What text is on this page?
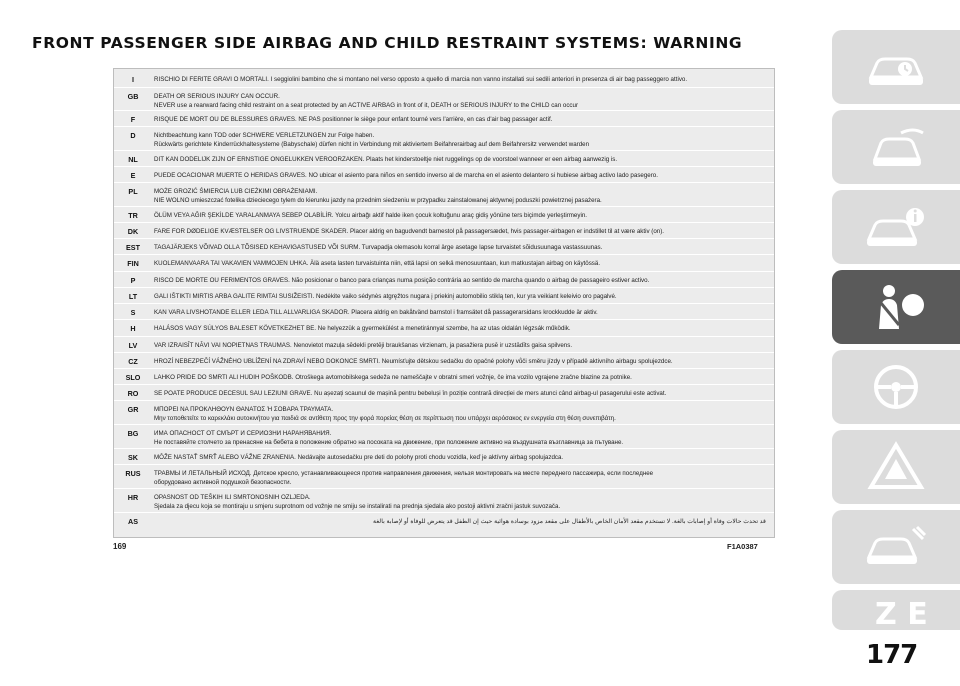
FRONT PASSENGER SIDE AIRBAG AND CHILD RESTRAINT SYSTEMS: WARNING
I	RISCHIO DI FERITE GRAVI O MORTALI. I seggiolini bambino che si montano nel verso opposto a quello di marcia non vanno installati sui sedili anteriori in presenza di air bag passeggero attivo.
GB	DEATH OR SERIOUS INJURY CAN OCCUR.
NEVER use a rearward facing child restraint on a seat protected by an ACTIVE AIRBAG in front of it, DEATH or SERIOUS INJURY to the CHILD can occur
F	RISQUE DE MORT OU DE BLESSURES GRAVES. NE PAS positionner le siège pour enfant tourné vers l'arrière, en cas d'air bag passager actif.
D	Nichtbeachtung kann TOD oder SCHWERE VERLETZUNGEN zur Folge haben.
Rückwärts gerichtete Kinderrückhaltesysteme (Babyschale) dürfen nicht in Verbindung mit aktiviertem Beifahrerairbag auf dem Beifahrersitz verwendet warden
NL	DIT KAN DODELIJK ZIJN OF ERNSTIGE ONGELUKKEN VEROORZAKEN. Plaats het kinderstoeltje niet ruggelings op de voorstoel wanneer er een airbag aanwezig is.
E	PUEDE OCACIONAR MUERTE O HERIDAS GRAVES. NO ubicar el asiento para niños en sentido inverso al de marcha en el asiento delantero si hubiese airbag activo lado pasegero.
PL	MOŻE GROZIĆ ŚMIERCIA LUB CIEŻKIMI OBRAŻENIAMI.
NIE WOLNO umieszczać fotelika dzieciecego tylem do kierunku jazdy na przednim siedzeniu w przypadku zainstalowanej aktywnej poduszki powietrznej pasażera.
TR	ÖLÜM VEYA AĞIR ŞEKİLDE YARALANMAYA SEBEP OLABİLİR. Yolcu airbağı aktif halde iken çocuk koltuğunu araç gidiş yönüne ters biçimde yerleştirmeyin.
DK	FARE FOR DØDELIGE KVÆSTELSER OG LIVSTRUENDE SKADER. Placer aldrig en bagudvendt barnestol på passagersædet, hvis passager-airbagen er indstillet til at være aktiv (on).
EST	TAGAJÄRJEKS VÕIVAD OLLA TÕSISED KEHAVIGASTUSED VÕI SURM. Turvapadja olemasolu korral ärge asetage lapse turvaistet sõidusuunaga vastassuunas.
FIN	KUOLEMANVAARA TAI VAKAVIEN VAMMOJEN UHKA. Älä aseta lasten turvaistuinta niin, että lapsi on selkä menosuuntaan, kun matkustajan airbag on käytössä.
P	RISCO DE MORTE OU FERIMENTOS GRAVES. Não posicionar o banco para crianças numa posição contrária ao sentido de marcha quando o airbag de passageiro estiver activo.
LT	GALI IŠTIKTI MIRTIS ARBA GALITE RIMTAI SUSIŽEISTI. Nedėkite vaiko sėdynės atgręžtos nugara į priekinį automobilio stiklą ten, kur yra veikiant keleivio oro pagalvė.
S	KAN VARA LIVSHOTANDE ELLER LEDA TILL ALLVARLIGA SKADOR. Placera aldrig en bakåtvänd barnstol i framsätet då passagerarsidans krockkudde är aktiv.
H	HALÁSOS VAGY SÚLYOS BALESET KÖVETKEZHET BE. Ne helyezzük a gyermekülést a menetiránnyal szembe, ha az utas oldalán légzsák működik.
LV	VAR IZRAISĪT NĀVI VAI NOPIETNAS TRAUMAS. Nenovietot mazuļa sēdekli pretēji braukšanas virzienam, ja pasažiera pusē ir uzstādīts gaisa spilvens.
CZ	HROZÍ NEBEZPEČÍ VÁŽNÉHO UBLÍŽENÍ NA ZDRAVÍ NEBO DOKONCE SMRTI. Neumísťujte dětskou sedačku do opačné polohy vůči směru jízdy v případě aktivního airbagu spolujezdce.
SLO	LAHKO PRIDE DO SMRTI ALI HUDIH POŠKODB. Otroškega avtomobilskega sedeža ne nameščajte v obratni smeri vožnje, če ima vozilo vgrajene zračne blazine za potnike.
RO	SE POATE PRODUCE DECESUL SAU LEZIUNI GRAVE. Nu așezați scaunul de mașină pentru bebeluși în poziție contrară direcției de mers atunci când airbag-ul pasagerului este activat.
GR	ΜΠΟΡΕΙ ΝΑ ΠΡΟΚΛΗΘΟΥΝ ΘΑΝΑΤΟΣ Ή ΣΟΒΑΡΑ ΤΡΑΥΜΑΤΑ.
Μην τοποθετείτε το καρεκλάκι αυτοκινήτου για παιδιά σε αντίθετη προς την φορά πορείας θέση σε περίπτωση που υπάρχει αερόσακος εν ενεργεία στη θέση συνεπιβάτη.
BG	ИМА ОПАСНОСТ ОТ СМЪРТ И СЕРИОЗНИ НАРАНЯВАНИЯ.
Не поставяйте столчето за пренасяне на бебета в положение обратно на посоката на движение, при положение активно на въздушната възглавница за пътуване.
SK	MÔŽE NASTAŤ SMRŤ ALEBO VÁŽNE ZRANENIA. Nedávajte autosedačku pre deti do polohy proti chodu vozidla, keď je aktívny airbag spolujazdca.
RUS	ТРАВМЫ И ЛЕТАЛЬНЫЙ ИСХОД. Детское кресло, устанавливающееся против направления движения, нельзя монтировать на месте переднего пассажира, если последнее
оборудовано активной подушкой безопасности.
HR	OPASNOST OD TEŠKIH ILI SMRTONOSNIH OZLJEDA.
Sjedala za djecu koja se montiraju u smjeru suprotnom od vožnje ne smiju se instalirati na prednja sjedala ako postoji aktivni zračni jastuk suvozača.
AS	قد تحدث حالات وفاة أو إصابات بالغة. لا تستخدم مقعد الأمان الخاص بالأطفال على مقعد مزود بوسادة هوائية حيث إن الطفل قد يتعرض للوفاة أو لإصابة بالغة
169	F1A0387
177
Z E
